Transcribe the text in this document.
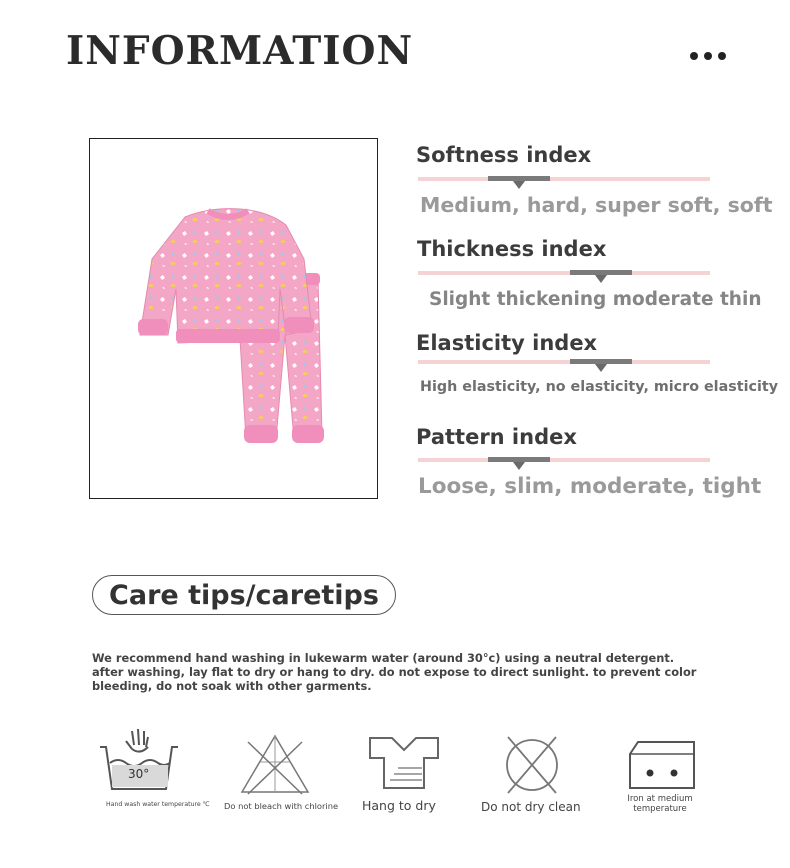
INFORMATION
Softness index
Medium, hard, super soft, soft
Thickness index
Slight thickening moderate thin
Elasticity index
High elasticity, no elasticity, micro elasticity
Pattern index
Loose, slim, moderate, tight
Care tips/caretips
We recommend hand washing in lukewarm water (around 30°c) using a neutral detergent. after washing, lay flat to dry or hang to dry. do not expose to direct sunlight. to prevent color bleeding, do not soak with other garments.
30°
Hand wash water temperature ℃ Do not bleach with chlorine Hang to dry	Do not dry clean
Iron at medium temperature
